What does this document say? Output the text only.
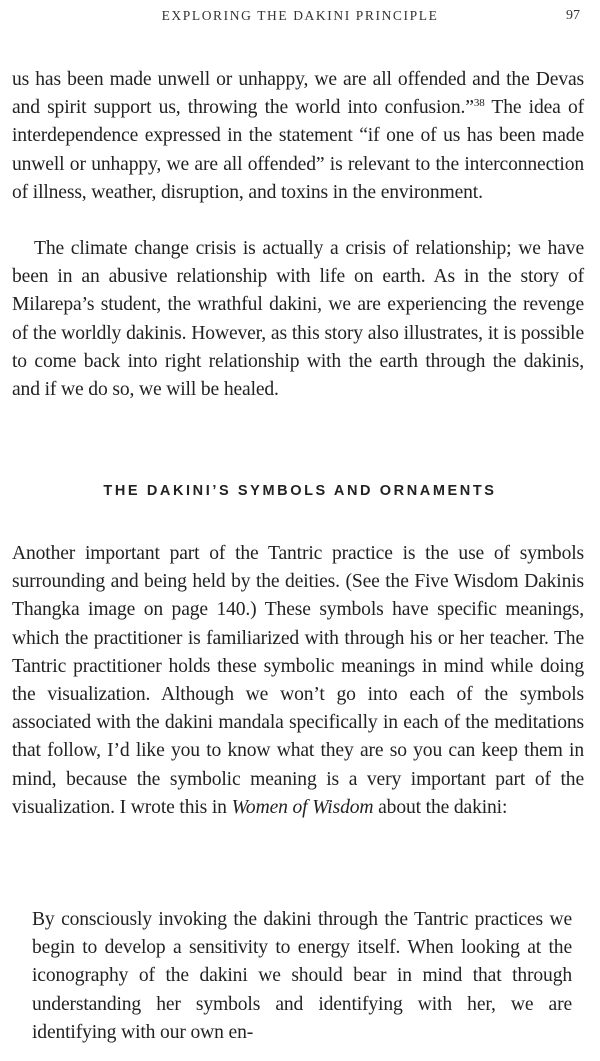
EXPLORING THE DAKINI PRINCIPLE	97

us has been made unwell or unhappy, we are all offended and the Devas and spirit support us, throwing the world into confusion.”$^{38}$ The idea of interdependence expressed in the statement “if one of us has been made unwell or unhappy, we are all offended” is relevant to the interconnection of illness, weather, disruption, and toxins in the environment.

The climate change crisis is actually a crisis of relationship; we have been in an abusive relationship with life on earth. As in the story of Milarepa’s student, the wrathful dakini, we are experiencing the revenge of the worldly dakinis. However, as this story also illustrates, it is possible to come back into right relationship with the earth through the dakinis, and if we do so, we will be healed.

THE DAKINI’S SYMBOLS AND ORNAMENTS

Another important part of the Tantric practice is the use of symbols surrounding and being held by the deities. (See the Five Wisdom Dakinis Thangka image on page 140.) These symbols have specific meanings, which the practitioner is familiarized with through his or her teacher. The Tantric practitioner holds these symbolic meanings in mind while doing the visualization. Although we won’t go into each of the symbols associated with the dakini mandala specifically in each of the meditations that follow, I’d like you to know what they are so you can keep them in mind, because the symbolic meaning is a very important part of the visualization. I wrote this in Women of Wisdom about the dakini:

By consciously invoking the dakini through the Tantric practices we begin to develop a sensitivity to energy itself. When looking at the iconography of the dakini we should bear in mind that through understanding her symbols and identifying with her, we are identifying with our own en-
